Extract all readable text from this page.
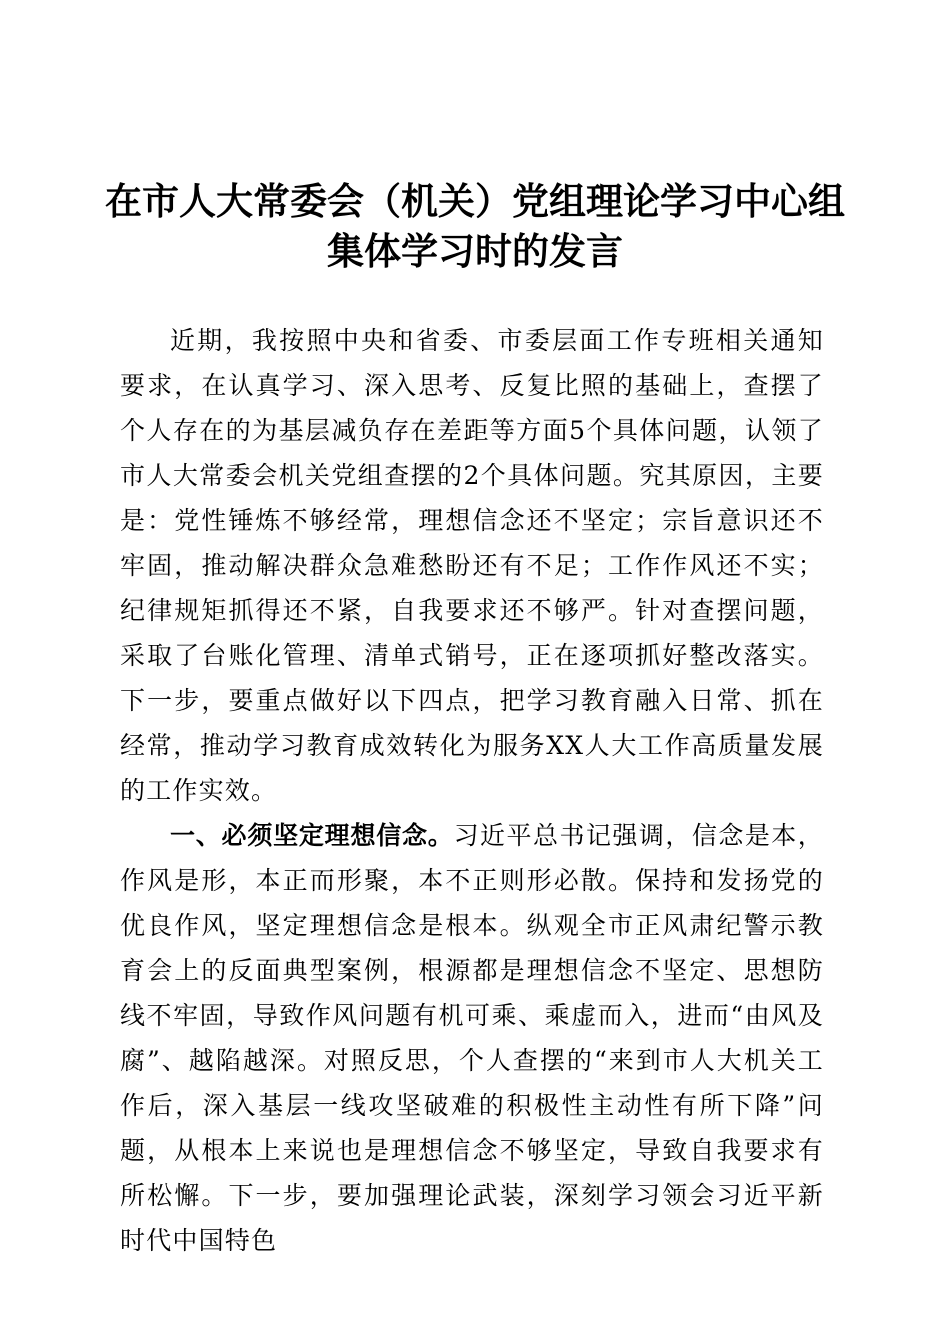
在市人大常委会（机关）党组理论学习中心组
集体学习时的发言

近期，我按照中央和省委、市委层面工作专班相关通知要求，在认真学习、深入思考、反复比照的基础上，查摆了个人存在的为基层减负存在差距等方面5个具体问题，认领了市人大常委会机关党组查摆的2个具体问题。究其原因，主要是：党性锤炼不够经常，理想信念还不坚定；宗旨意识还不牢固，推动解决群众急难愁盼还有不足；工作作风还不实；纪律规矩抓得还不紧，自我要求还不够严。针对查摆问题，采取了台账化管理、清单式销号，正在逐项抓好整改落实。下一步，要重点做好以下四点，把学习教育融入日常、抓在经常，推动学习教育成效转化为服务XX人大工作高质量发展的工作实效。

一、必须坚定理想信念。习近平总书记强调，信念是本，作风是形，本正而形聚，本不正则形必散。保持和发扬党的优良作风，坚定理想信念是根本。纵观全市正风肃纪警示教育会上的反面典型案例，根源都是理想信念不坚定、思想防线不牢固，导致作风问题有机可乘、乘虚而入，进而“由风及腐”、越陷越深。对照反思，个人查摆的“来到市人大机关工作后，深入基层一线攻坚破难的积极性主动性有所下降”问题，从根本上来说也是理想信念不够坚定，导致自我要求有所松懈。下一步，要加强理论武装，深刻学习领会习近平新时代中国特色
